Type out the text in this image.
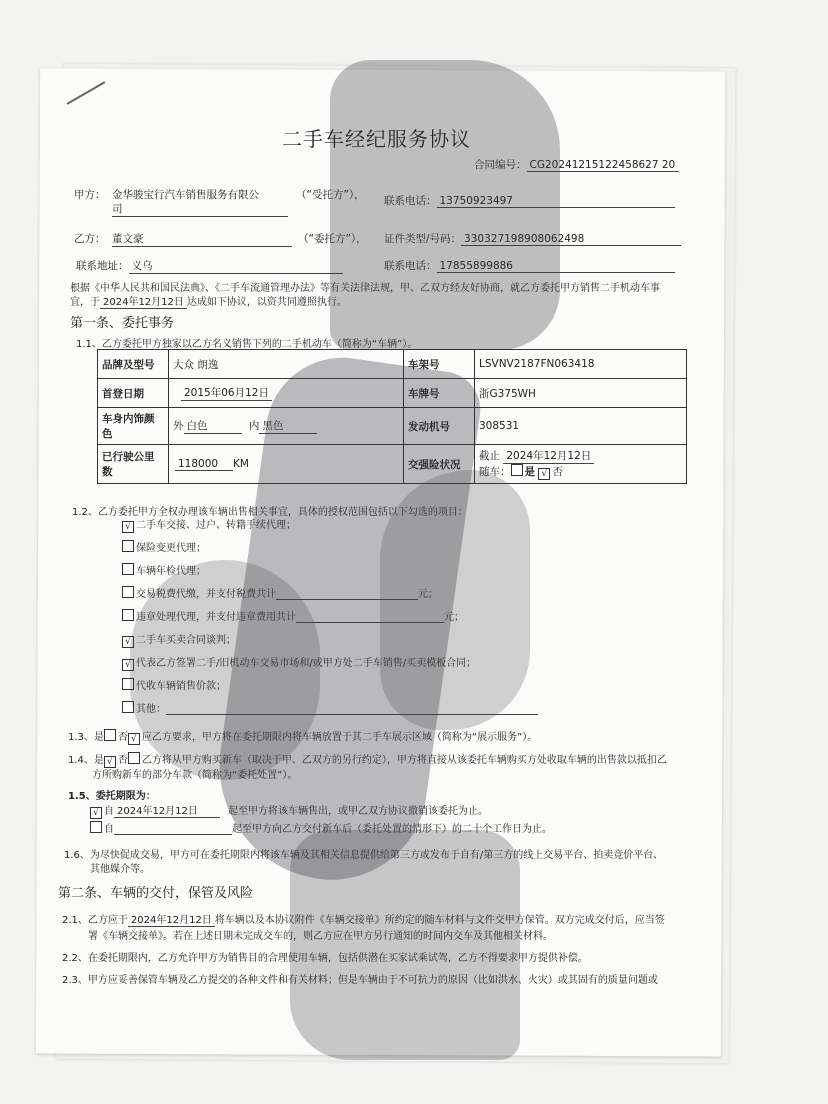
二手车经纪服务协议
合同编号： CG20241215122458627 20
甲方： 金华骏宝行汽车销售服务有限公
司
（“受托方”）， 联系电话： 13750923497
乙方： 董文豪	（“委托方”）， 证件类型/号码： 330327198908062498
联系地址： 义乌	联系电话： 17855899886
根据《中华人民共和国民法典》、《二手车流通管理办法》等有关法律法规，甲、乙双方经友好协商，就乙方委托甲方销售二手机动车事
宜，于 2024年12月12日 达成如下协议，以资共同遵照执行。
第一条、委托事务
1.1、乙方委托甲方独家以乙方名义销售下列的二手机动车（简称为“车辆”）。
品牌及型号	大众 朗逸	车架号	LSVNV2187FN063418
首登日期	2015年06月12日	车牌号	浙G375WH
车身内饰颜色	外 白色 内 黑色	发动机号	308531
已行驶公里数	118000 KM	交强险状况	截止 2024年12月12日
随车： 是 √ 否
1.2、乙方委托甲方全权办理该车辆出售相关事宜，具体的授权范围包括以下勾选的项目：
√ 二手车交接、过户、转籍手续代理；
保险变更代理；
车辆年检代理；
交易税费代缴，并支付税费共计	元；
违章处理代理，并支付违章费用共计	元；
√ 二手车买卖合同谈判；
√ 代表乙方签署二手/旧机动车交易市场和/或甲方处二手车销售/买卖模板合同；
代收车辆销售价款；
其他：
1.3、是 否 √ 应乙方要求，甲方将在委托期限内将车辆放置于其二手车展示区域（简称为“展示服务”）。
1.4、是 √ 否 乙方将从甲方购买新车（取决于甲、乙双方的另行约定），甲方将直接从该委托车辆购买方处收取车辆的出售款以抵扣乙
方所购新车的部分车款（简称为“委托处置”）。
1.5、委托期限为：
√ 自 2024年12月12日	起至甲方将该车辆售出，或甲乙双方协议撤销该委托为止。
自	起至甲方向乙方交付新车后（委托处置的情形下）的二十个工作日为止。
1.6、为尽快促成交易，甲方可在委托期限内将该车辆及其相关信息提供给第三方或发布于自有/第三方的线上交易平台、拍卖竞价平台、
其他媒介等。
第二条、车辆的交付，保管及风险
2.1、乙方应于 2024年12月12日 将车辆以及本协议附件《车辆交接单》所约定的随车材料与文件交甲方保管。双方完成交付后，应当签
署《车辆交接单》。若在上述日期未完成交车的，则乙方应在甲方另行通知的时间内交车及其他相关材料。
2.2、在委托期限内，乙方允许甲方为销售目的合理使用车辆，包括供潜在买家试乘试驾，乙方不得要求甲方提供补偿。
2.3、甲方应妥善保管车辆及乙方提交的各种文件和有关材料；但是车辆由于不可抗力的原因（比如洪水、火灾）或其固有的质量问题或
